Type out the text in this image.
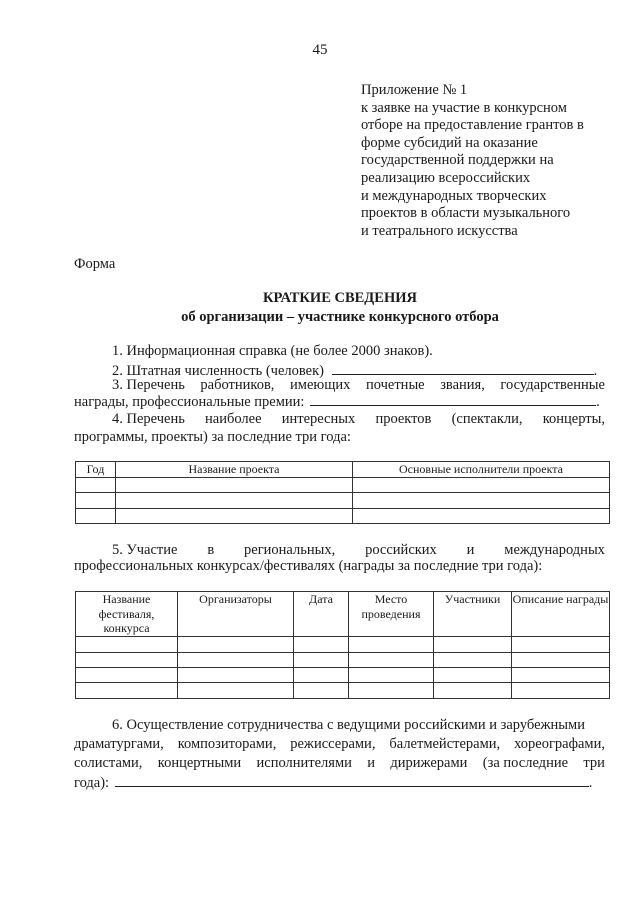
45
Приложение № 1
к заявке на участие в конкурсном
отборе на предоставление грантов в
форме субсидий на оказание
государственной поддержки на
реализацию всероссийских
и международных творческих
проектов в области музыкального
и театрального искусства
Форма
КРАТКИЕ СВЕДЕНИЯ
об организации – участнике конкурсного отбора
1. Информационная справка (не более 2000 знаков).
2. Штатная численность (человек)	.
3. Перечень работников, имеющих почетные звания, государственные
награды, профессиональные премии:	.
4. Перечень наиболее интересных проектов (спектакли, концерты,
программы, проекты) за последние три года:
Год	Название проекта	Основные исполнители проекта

5. Участие в региональных, российских и международных
профессиональных конкурсах/фестивалях (награды за последние три года):
Название фестиваля, конкурса	Организаторы	Дата	Место проведения	Участники	Описание награды

6. Осуществление сотрудничества с ведущими российскими и зарубежными
драматургами, композиторами, режиссерами, балетмейстерами, хореографами,
солистами, концертными исполнителями и дирижерами (за последние три
года):	.
